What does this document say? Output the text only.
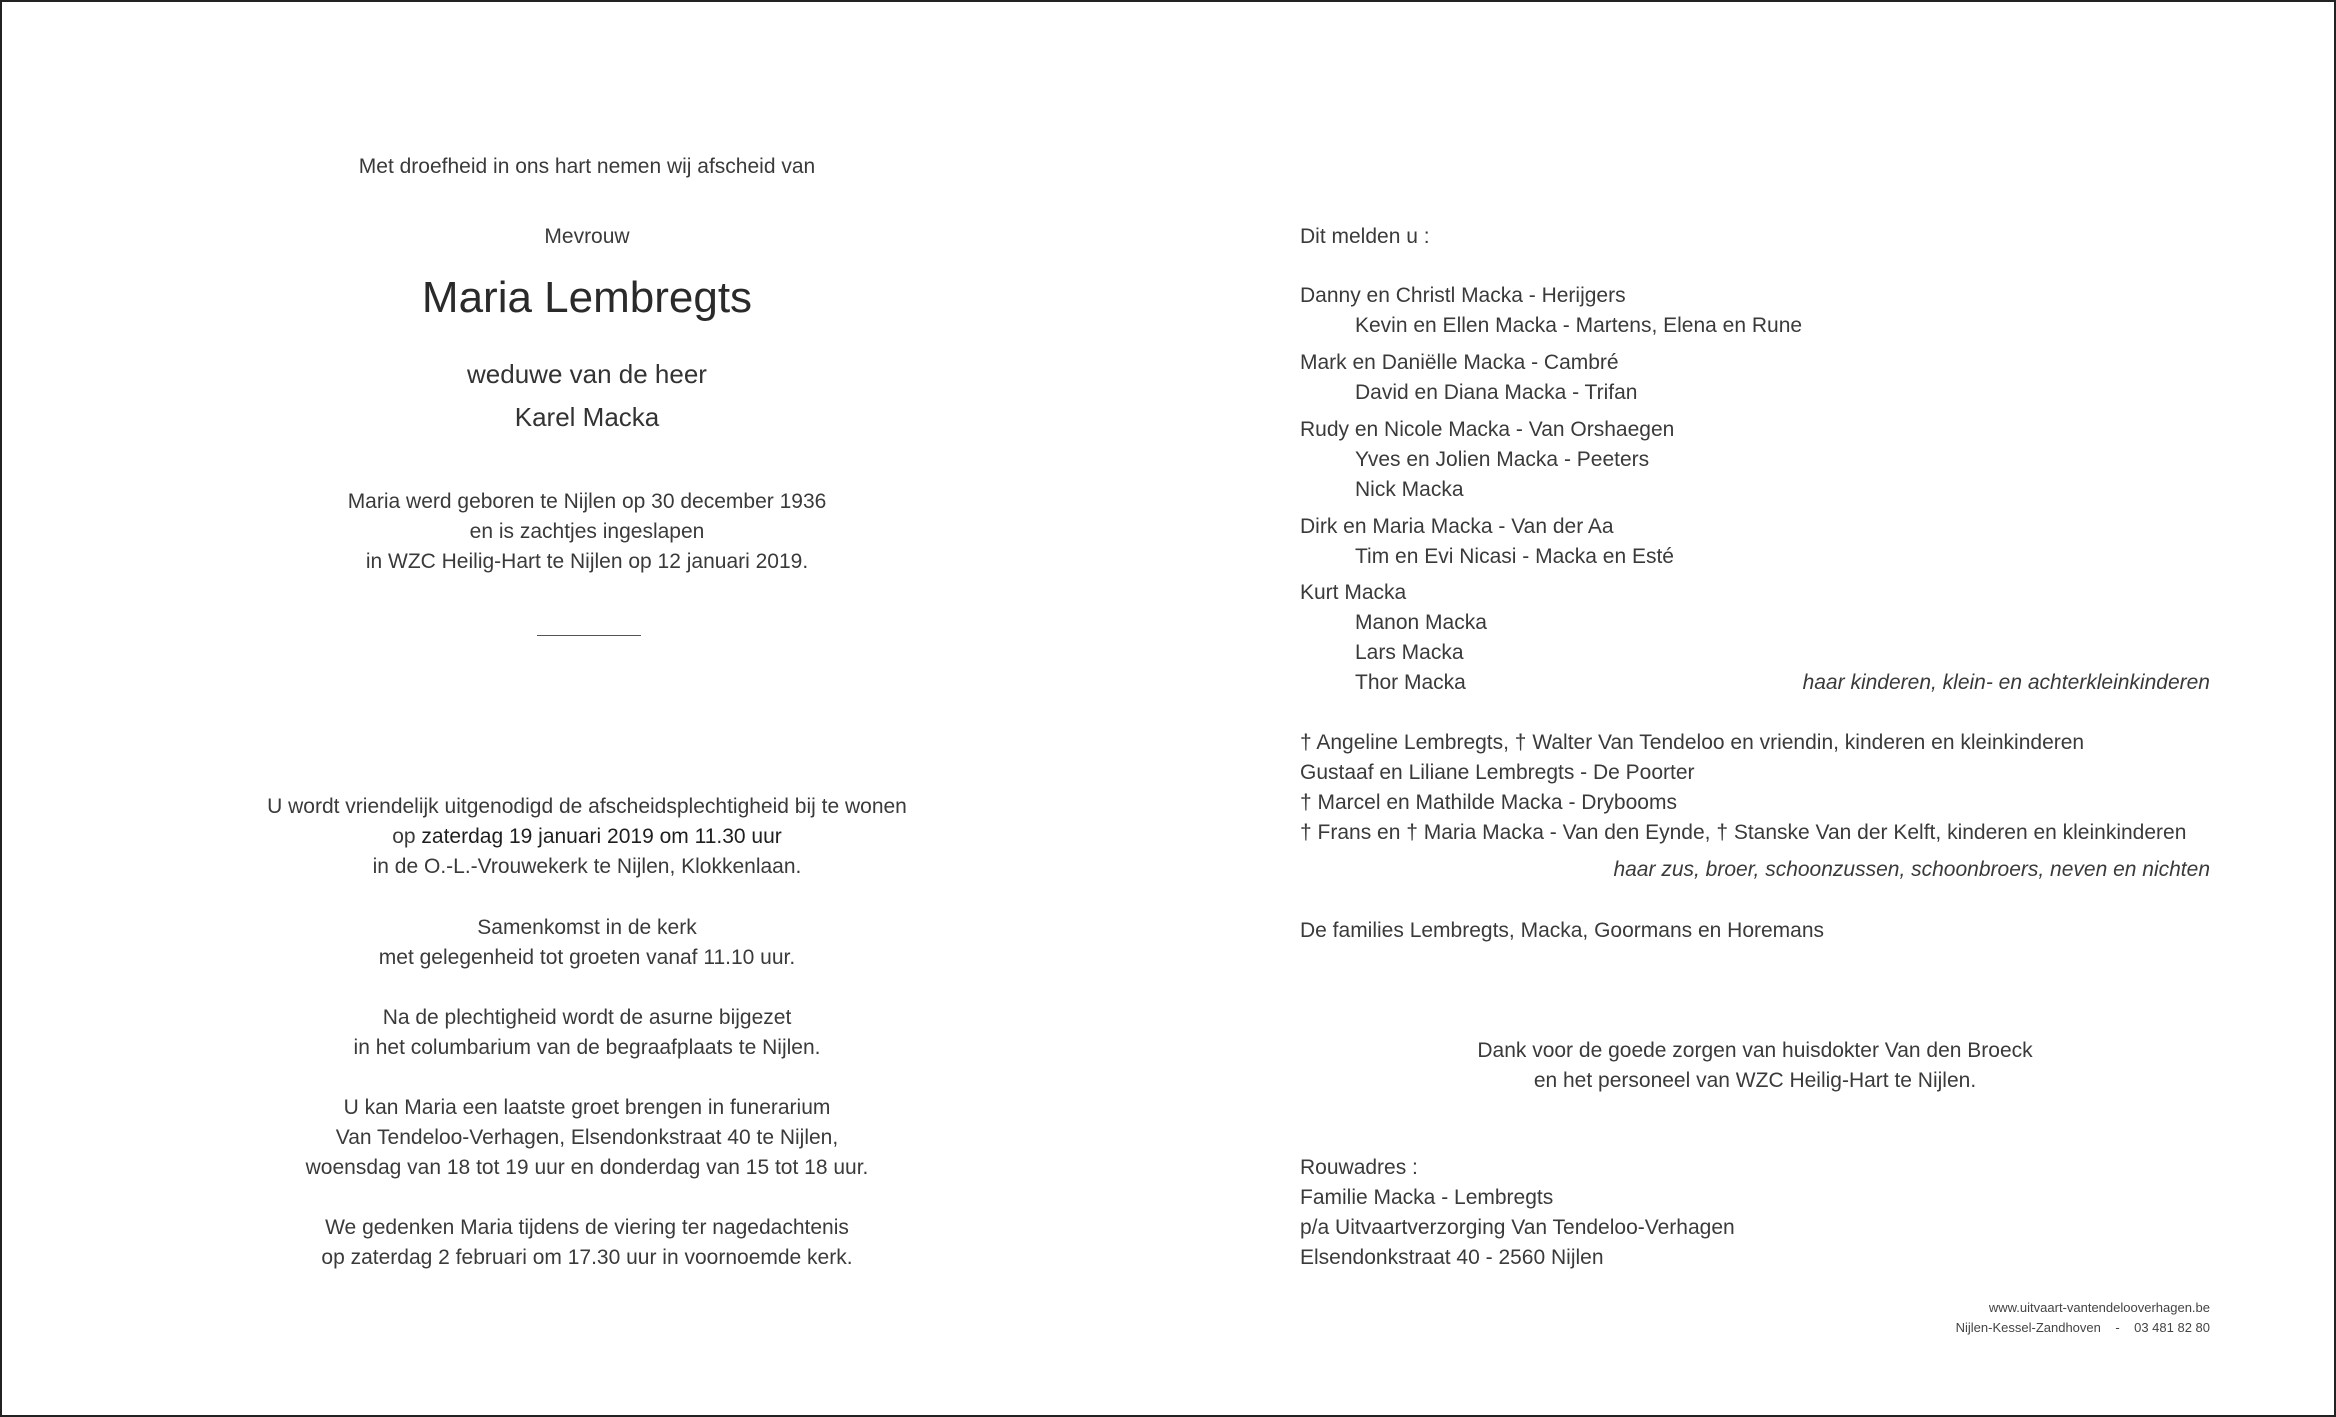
Met droefheid in ons hart nemen wij afscheid van
Mevrouw
Maria Lembregts
weduwe van de heer
Karel Macka
Maria werd geboren te Nijlen op 30 december 1936
en is zachtjes ingeslapen
in WZC Heilig-Hart te Nijlen op 12 januari 2019.
U wordt vriendelijk uitgenodigd de afscheidsplechtigheid bij te wonen
op zaterdag 19 januari 2019 om 11.30 uur
in de O.-L.-Vrouwekerk te Nijlen, Klokkenlaan.
Samenkomst in de kerk
met gelegenheid tot groeten vanaf 11.10 uur.
Na de plechtigheid wordt de asurne bijgezet
in het columbarium van de begraafplaats te Nijlen.
U kan Maria een laatste groet brengen in funerarium
Van Tendeloo-Verhagen, Elsendonkstraat 40 te Nijlen,
woensdag van 18 tot 19 uur en donderdag van 15 tot 18 uur.
We gedenken Maria tijdens de viering ter nagedachtenis
op zaterdag 2 februari om 17.30 uur in voornoemde kerk.
Dit melden u :
Danny en Christl Macka - Herijgers
Kevin en Ellen Macka - Martens, Elena en Rune
Mark en Daniëlle Macka - Cambré
David en Diana Macka - Trifan
Rudy en Nicole Macka - Van Orshaegen
Yves en Jolien Macka - Peeters
Nick Macka
Dirk en Maria Macka - Van der Aa
Tim en Evi Nicasi - Macka en Esté
Kurt Macka
Manon Macka
Lars Macka
Thor Macka	haar kinderen, klein- en achterkleinkinderen
† Angeline Lembregts, † Walter Van Tendeloo en vriendin, kinderen en kleinkinderen
Gustaaf en Liliane Lembregts - De Poorter
† Marcel en Mathilde Macka - Drybooms
† Frans en † Maria Macka - Van den Eynde, † Stanske Van der Kelft, kinderen en kleinkinderen
haar zus, broer, schoonzussen, schoonbroers, neven en nichten
De families Lembregts, Macka, Goormans en Horemans
Dank voor de goede zorgen van huisdokter Van den Broeck
en het personeel van WZC Heilig-Hart te Nijlen.
Rouwadres :
Familie Macka - Lembregts
p/a Uitvaartverzorging Van Tendeloo-Verhagen
Elsendonkstraat 40 - 2560 Nijlen
www.uitvaart-vantendelooverhagen.be
Nijlen-Kessel-Zandhoven    -    03 481 82 80
